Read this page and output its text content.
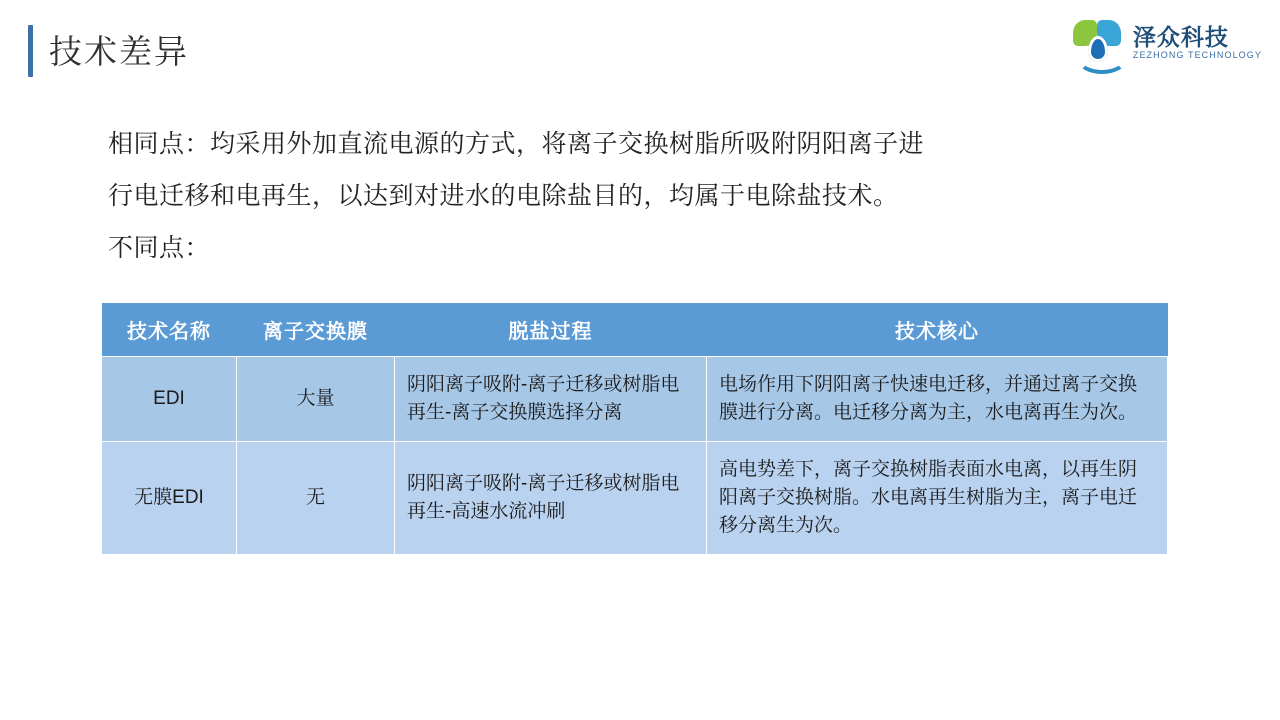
技术差异	泽众科技
ZEZHONG TECHNOLOGY

相同点：均采用外加直流电源的方式，将离子交换树脂所吸附阴阳离子进

行电迁移和电再生，以达到对进水的电除盐目的，均属于电除盐技术。

不同点：

技术名称	离子交换膜	脱盐过程	技术核心
EDI	大量	阴阳离子吸附-离子迁移或树脂电再生-离子交换膜选择分离	电场作用下阴阳离子快速电迁移，并通过离子交换膜进行分离。电迁移分离为主，水电离再生为次。
无膜EDI	无	阴阳离子吸附-离子迁移或树脂电再生-高速水流冲刷	高电势差下，离子交换树脂表面水电离，以再生阴阳离子交换树脂。水电离再生树脂为主，离子电迁移分离生为次。
